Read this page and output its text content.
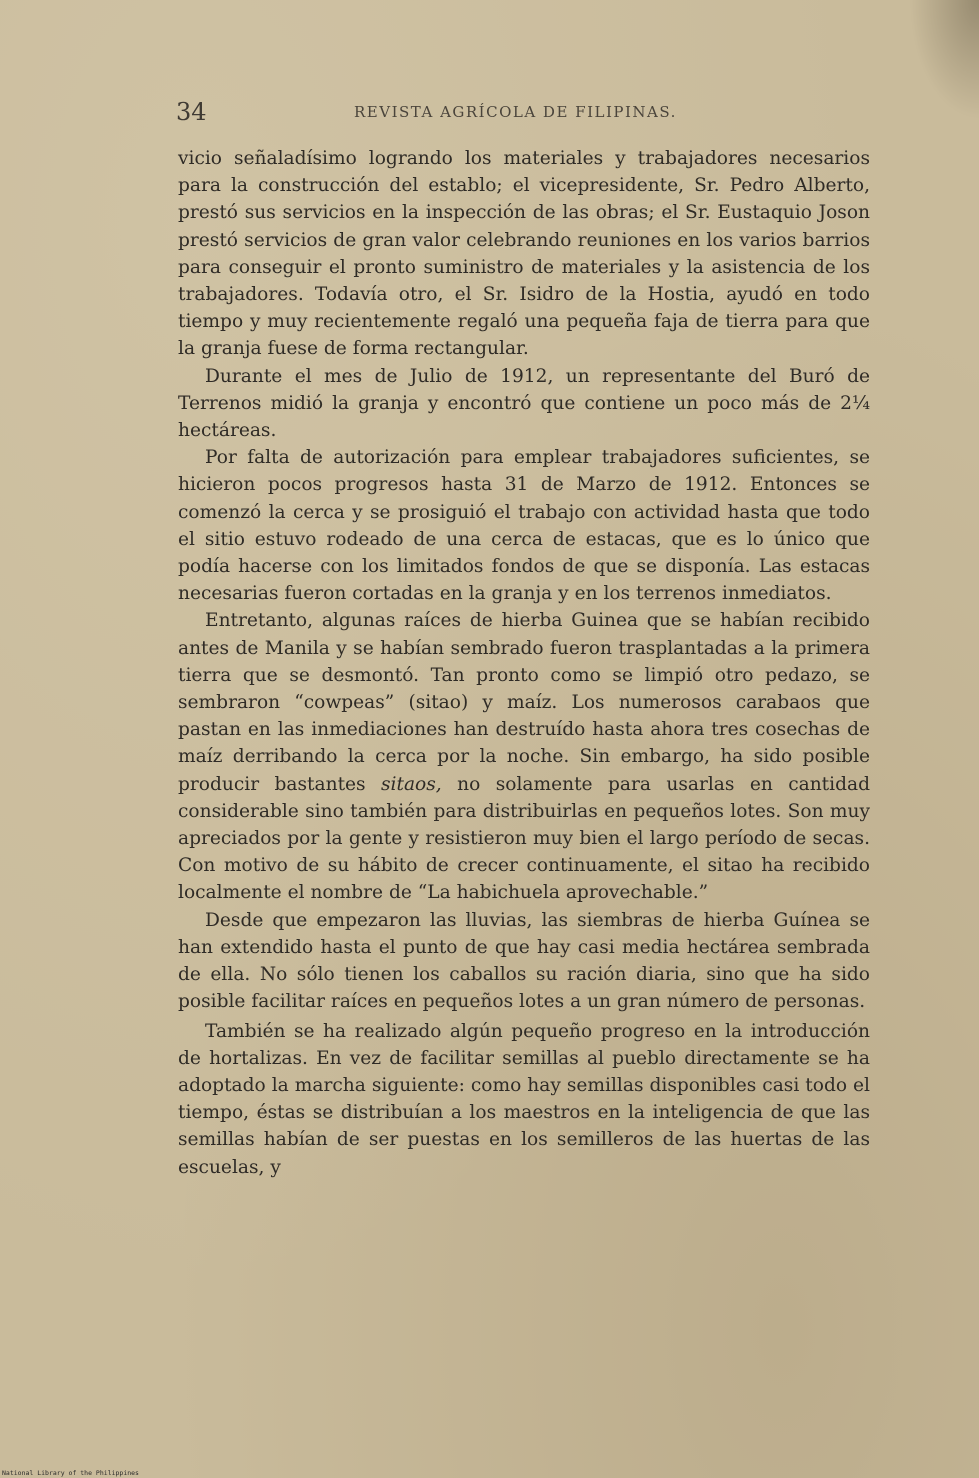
34	REVISTA AGRÍCOLA DE FILIPINAS.

vicio señaladísimo logrando los materiales y trabajadores necesarios para la construcción del establo; el vicepresidente, Sr. Pedro Alberto, prestó sus servicios en la inspección de las obras; el Sr. Eustaquio Joson prestó servicios de gran valor celebrando reuniones en los varios barrios para conseguir el pronto suministro de materiales y la asistencia de los trabajadores. Todavía otro, el Sr. Isidro de la Hostia, ayudó en todo tiempo y muy recientemente regaló una pequeña faja de tierra para que la granja fuese de forma rectangular.

Durante el mes de Julio de 1912, un representante del Buró de Terrenos midió la granja y encontró que contiene un poco más de 2¼ hectáreas.

Por falta de autorización para emplear trabajadores suficientes, se hicieron pocos progresos hasta 31 de Marzo de 1912. Entonces se comenzó la cerca y se prosiguió el trabajo con actividad hasta que todo el sitio estuvo rodeado de una cerca de estacas, que es lo único que podía hacerse con los limitados fondos de que se disponía. Las estacas necesarias fueron cortadas en la granja y en los terrenos inmediatos.

Entretanto, algunas raíces de hierba Guinea que se habían recibido antes de Manila y se habían sembrado fueron trasplantadas a la primera tierra que se desmontó. Tan pronto como se limpió otro pedazo, se sembraron “cowpeas” (sitao) y maíz. Los numerosos carabaos que pastan en las inmediaciones han destruído hasta ahora tres cosechas de maíz derribando la cerca por la noche. Sin embargo, ha sido posible producir bastantes sitaos, no solamente para usarlas en cantidad considerable sino también para distribuirlas en pequeños lotes. Son muy apreciados por la gente y resistieron muy bien el largo período de secas. Con motivo de su hábito de crecer continuamente, el sitao ha recibido localmente el nombre de “La habichuela aprovechable.”

Desde que empezaron las lluvias, las siembras de hierba Guínea se han extendido hasta el punto de que hay casi media hectárea sembrada de ella. No sólo tienen los caballos su ración diaria, sino que ha sido posible facilitar raíces en pequeños lotes a un gran número de personas.

También se ha realizado algún pequeño progreso en la introducción de hortalizas. En vez de facilitar semillas al pueblo directamente se ha adoptado la marcha siguiente: como hay semillas disponibles casi todo el tiempo, éstas se distribuían a los maestros en la inteligencia de que las semillas habían de ser puestas en los semilleros de las huertas de las escuelas, y

National Library of the Philippines
